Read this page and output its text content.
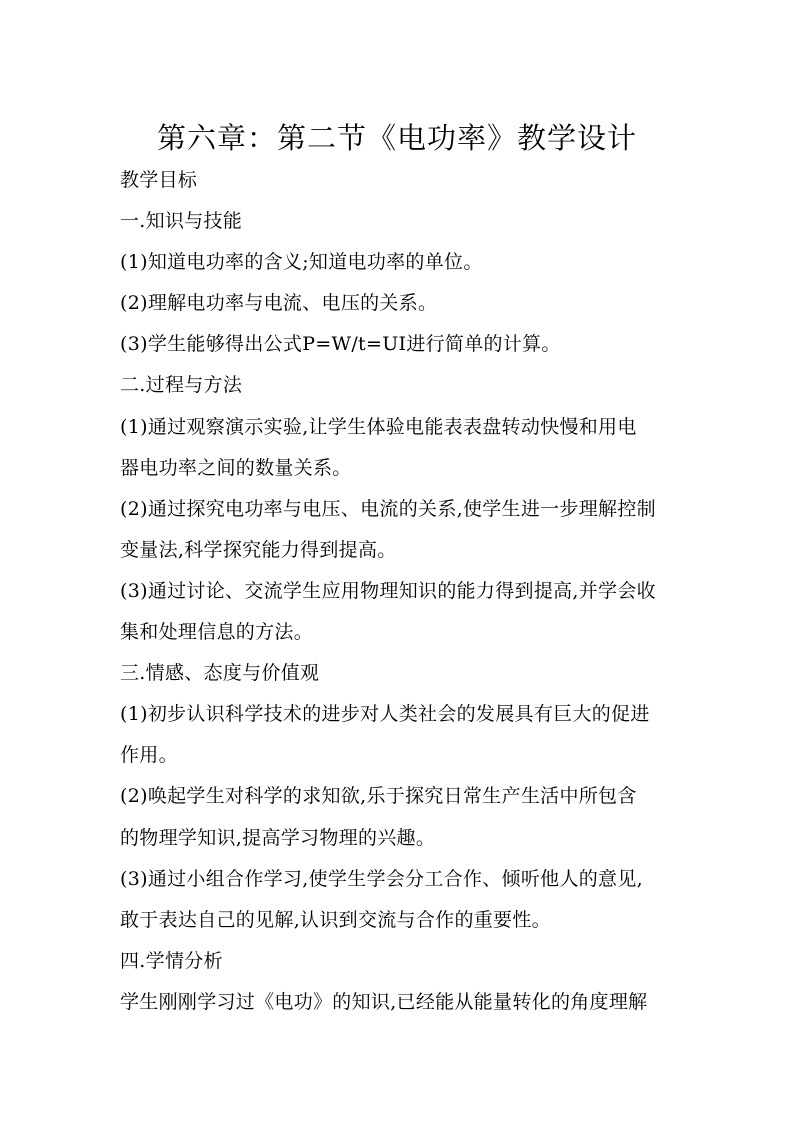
第六章：第二节《电功率》教学设计
教学目标
一.知识与技能
(1)知道电功率的含义;知道电功率的单位。
(2)理解电功率与电流、电压的关系。
(3)学生能够得出公式P=W/t=UI进行简单的计算。
二.过程与方法
(1)通过观察演示实验,让学生体验电能表表盘转动快慢和用电
器电功率之间的数量关系。
(2)通过探究电功率与电压、电流的关系,使学生进一步理解控制
变量法,科学探究能力得到提高。
(3)通过讨论、交流学生应用物理知识的能力得到提高,并学会收
集和处理信息的方法。
三.情感、态度与价值观
(1)初步认识科学技术的进步对人类社会的发展具有巨大的促进
作用。
(2)唤起学生对科学的求知欲,乐于探究日常生产生活中所包含
的物理学知识,提高学习物理的兴趣。
(3)通过小组合作学习,使学生学会分工合作、倾听他人的意见,
敢于表达自己的见解,认识到交流与合作的重要性。
四.学情分析
学生刚刚学习过《电功》的知识,已经能从能量转化的角度理解
